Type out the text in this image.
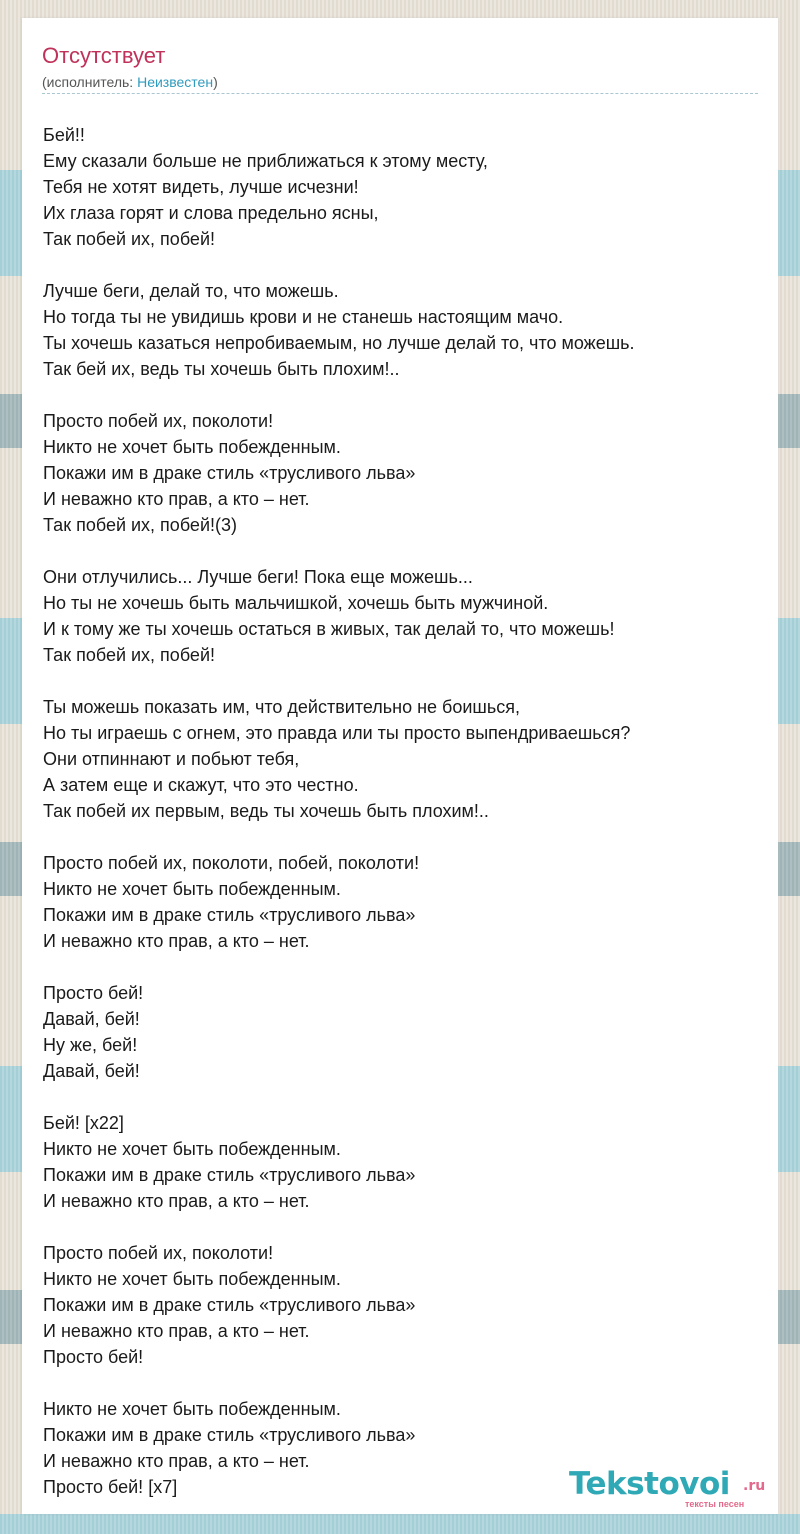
Отсутствует
(исполнитель: Неизвестен)
Бей!!
Ему сказали больше не приближаться к этому месту,
Тебя не хотят видеть, лучше исчезни!
Их глаза горят и слова предельно ясны,
Так побей их, побей!
Лучше беги, делай то, что можешь.
Но тогда ты не увидишь крови и не станешь настоящим мачо.
Ты хочешь казаться непробиваемым, но лучше делай то, что можешь.
Так бей их, ведь ты хочешь быть плохим!..
Просто побей их, поколоти!
Никто не хочет быть побежденным.
Покажи им в драке стиль «трусливого льва»
И неважно кто прав, а кто – нет.
Так побей их, побей!(3)
Они отлучились... Лучше беги! Пока еще можешь...
Но ты не хочешь быть мальчишкой, хочешь быть мужчиной.
И к тому же ты хочешь остаться в живых, так делай то, что можешь!
Так побей их, побей!
Ты можешь показать им, что действительно не боишься,
Но ты играешь с огнем, это правда или ты просто выпендриваешься?
Они отпиннают и побьют тебя,
А затем еще и скажут, что это честно.
Так побей их первым, ведь ты хочешь быть плохим!..
Просто побей их, поколоти, побей, поколоти!
Никто не хочет быть побежденным.
Покажи им в драке стиль «трусливого льва»
И неважно кто прав, а кто – нет.
Просто бей!
Давай, бей!
Ну же, бей!
Давай, бей!
Бей! [x22]
Никто не хочет быть побежденным.
Покажи им в драке стиль «трусливого льва»
И неважно кто прав, а кто – нет.
Просто побей их, поколоти!
Никто не хочет быть побежденным.
Покажи им в драке стиль «трусливого льва»
И неважно кто прав, а кто – нет.
Просто бей!
Никто не хочет быть побежденным.
Покажи им в драке стиль «трусливого льва»
И неважно кто прав, а кто – нет.
Просто бей! [x7]	Tekstovoi .ru
тексты песен
